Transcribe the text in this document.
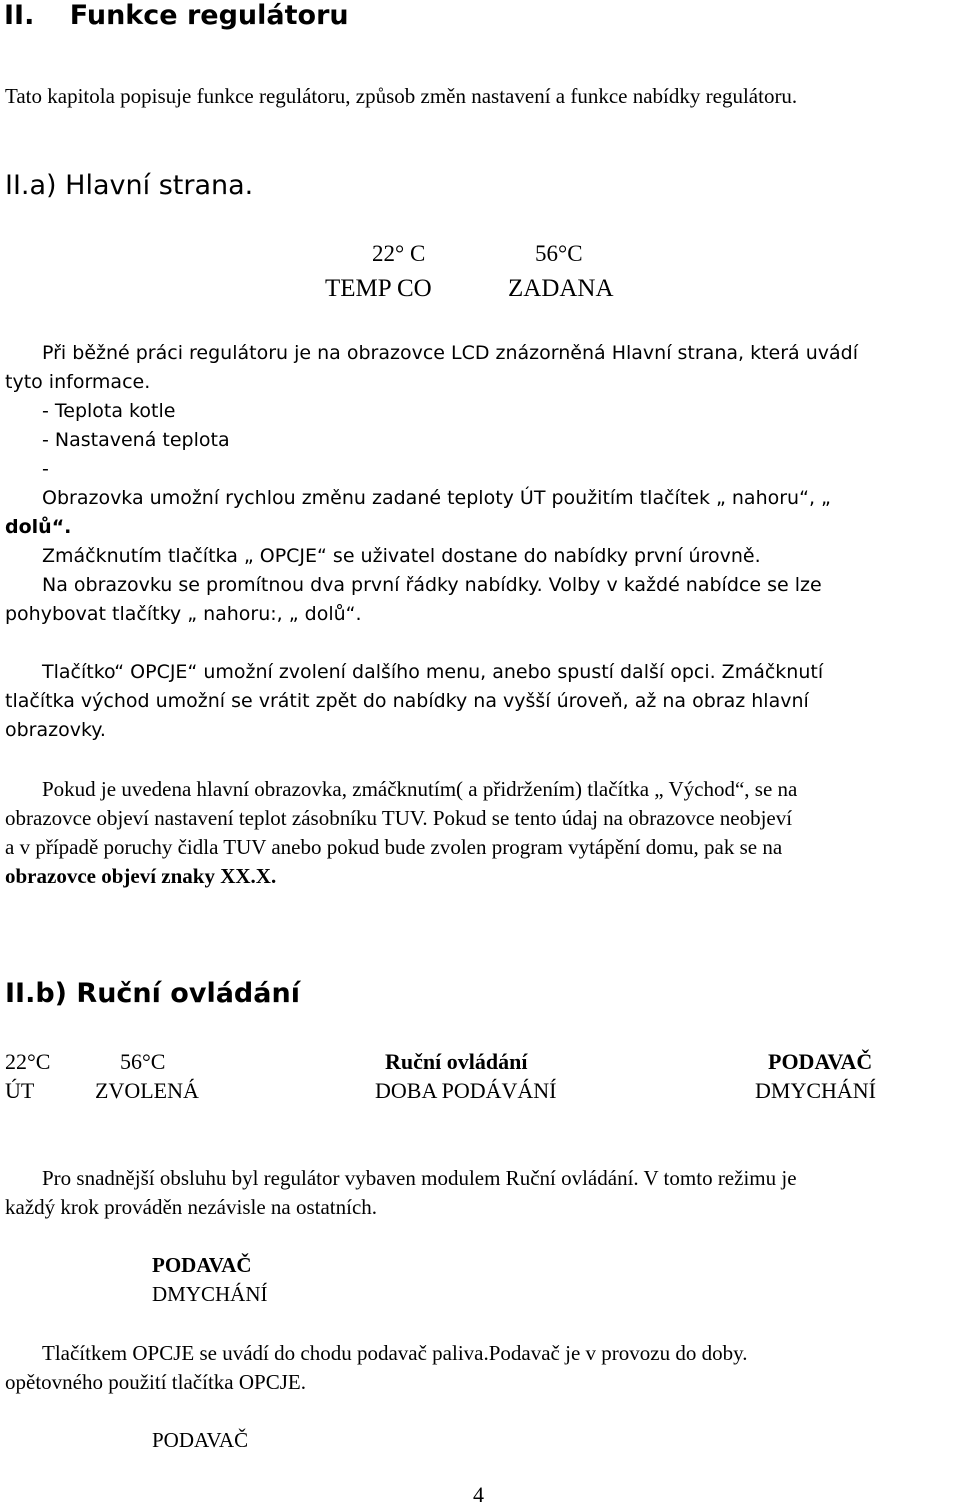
II. Funkce regulátoru
Tato kapitola popisuje funkce regulátoru, způsob změn nastavení a funkce nabídky regulátoru.
II.a) Hlavní strana.
22° C	56°C
TEMP CO	ZADANA
Při běžné práci regulátoru je na obrazovce LCD znázorněná Hlavní strana, která uvádí
tyto informace.
- Teplota kotle
- Nastavená teplota
-
Obrazovka umožní rychlou změnu zadané teploty ÚT použitím tlačítek „ nahoru“, „
dolů“.
Zmáčknutím tlačítka „ OPCJE“ se uživatel dostane do nabídky první úrovně.
Na obrazovku se promítnou dva první řádky nabídky. Volby v každé nabídce se lze
pohybovat tlačítky „ nahoru:, „ dolů“.
Tlačítko“ OPCJE“ umožní zvolení dalšího menu, anebo spustí další opci. Zmáčknutí
tlačítka východ umožní se vrátit zpět do nabídky na vyšší úroveň, až na obraz hlavní
obrazovky.
Pokud je uvedena hlavní obrazovka, zmáčknutím( a přidržením) tlačítka „ Východ“, se na
obrazovce objeví nastavení teplot zásobníku TUV. Pokud se tento údaj na obrazovce neobjeví
a v případě poruchy čidla TUV anebo pokud bude zvolen program vytápění domu, pak se na
obrazovce objeví znaky XX.X.
II.b) Ruční ovládání
22°C	56°C	Ruční ovládání	PODAVAČ
ÚT	ZVOLENÁ	DOBA PODÁVÁNÍ	DMYCHÁNÍ
Pro snadnější obsluhu byl regulátor vybaven modulem Ruční ovládání. V tomto režimu je
každý krok prováděn nezávisle na ostatních.
PODAVAČ
DMYCHÁNÍ
Tlačítkem OPCJE se uvádí do chodu podavač paliva.Podavač je v provozu do doby.
opětovného použití tlačítka OPCJE.
PODAVAČ
4
